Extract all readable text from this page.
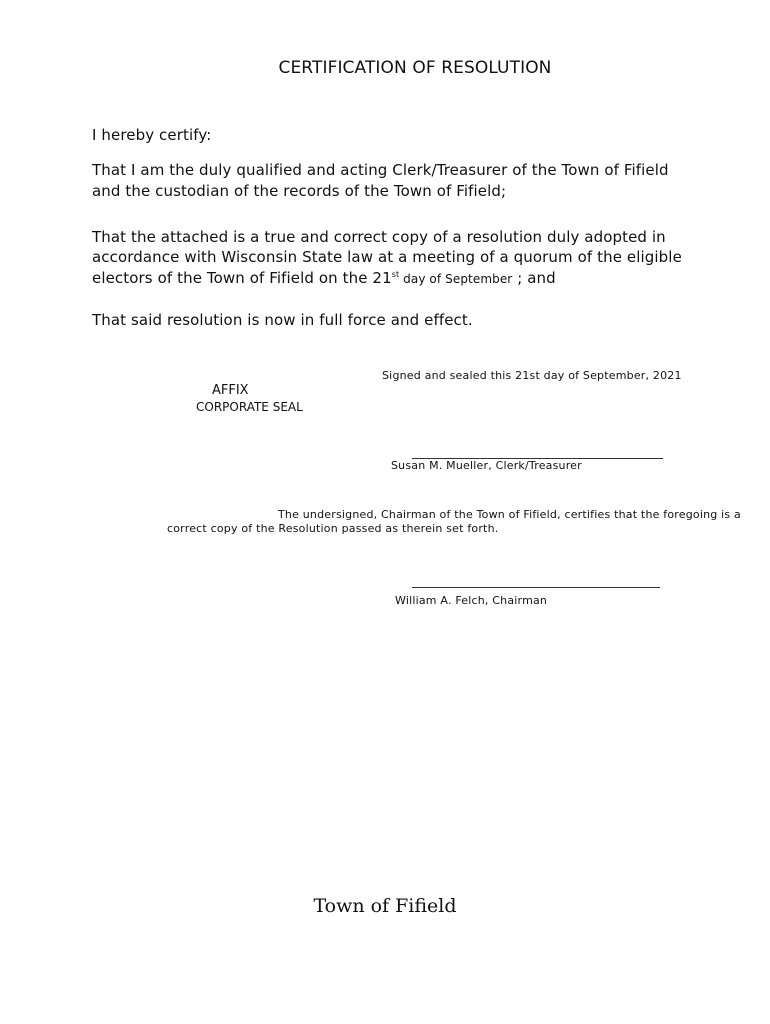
CERTIFICATION OF RESOLUTION
I hereby certify:
That I am the duly qualified and acting Clerk/Treasurer of the Town of Fifield
and the custodian of the records of the Town of Fifield;
That the attached is a true and correct copy of a resolution duly adopted in
accordance with Wisconsin State law at a meeting of a quorum of the eligible
electors of the Town of Fifield on the 21st day of September ; and
That said resolution is now in full force and effect.
Signed and sealed this 21st day of September, 2021
AFFIX
CORPORATE SEAL
Susan M. Mueller, Clerk/Treasurer
The undersigned, Chairman of the Town of Fifield, certifies that the foregoing is a
correct copy of the Resolution passed as therein set forth.
William A. Felch, Chairman
Town of Fifield
